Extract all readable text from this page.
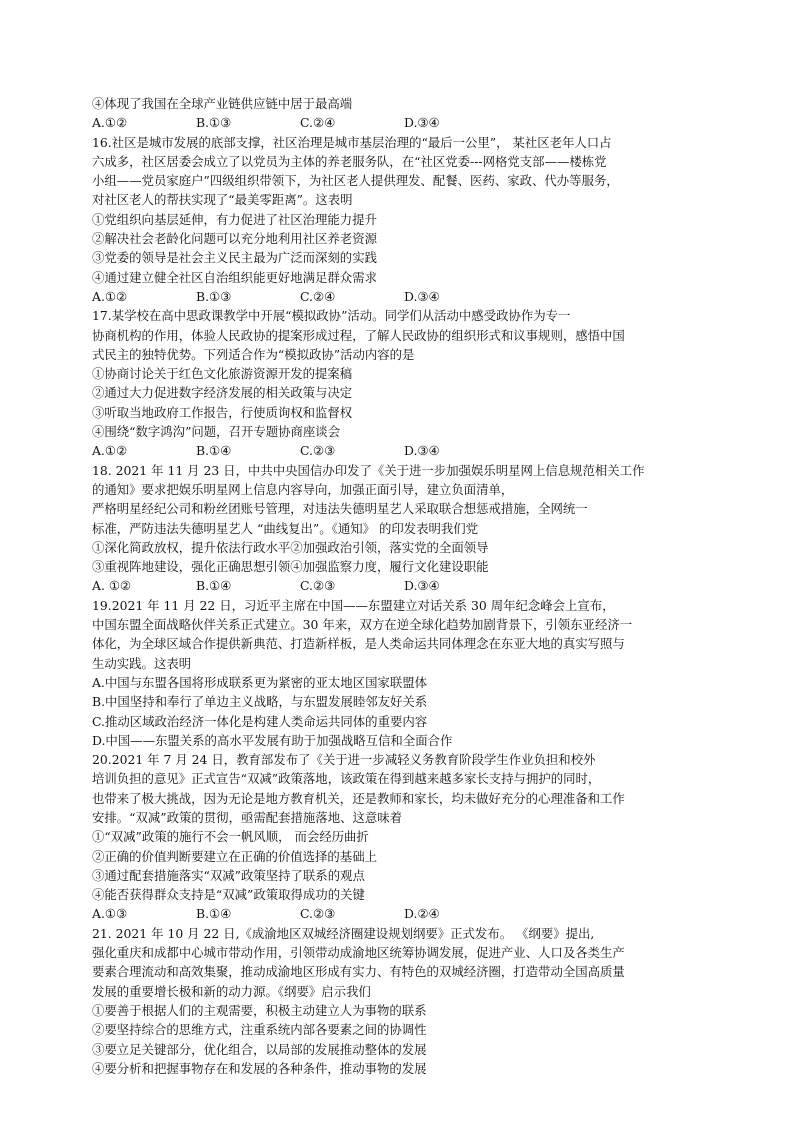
④体现了我国在全球产业链供应链中居于最高端
A.①②	B.①③	C.②④	D.③④
16.社区是城市发展的底部支撑，社区治理是城市基层治理的“最后一公里”， 某社区老年人口占
六成多，社区居委会成立了以党员为主体的养老服务队，在“社区党委---网格党支部——楼栋党
小组——党员家庭户”四级组织带领下，为社区老人提供理发、配餐、医药、家政、代办等服务，
对社区老人的帮扶实现了“最美零距离”。这表明
①党组织向基层延伸，有力促进了社区治理能力提升
②解决社会老龄化问题可以充分地利用社区养老资源
③党委的领导是社会主义民主最为广泛而深刻的实践
④通过建立健全社区自治组织能更好地满足群众需求
A.①②	B.①③	C.②④	D.③④
17.某学校在高中思政课教学中开展“模拟政协”活动。同学们从活动中感受政协作为专一
协商机构的作用，体验人民政协的提案形成过程，了解人民政协的组织形式和议事规则，感悟中国
式民主的独特优势。下列适合作为“模拟政协”活动内容的是
①协商讨论关于红色文化旅游资源开发的提案稿
②通过大力促进数字经济发展的相关政策与决定
③听取当地政府工作报告，行使质询权和监督权
④围绕“数字鸿沟”问题，召开专题协商座谈会
A.①②	B.①④	C.②③	D.③④
18. 2021 年 11 月 23 日，中共中央国信办印发了《关于进一步加强娱乐明星网上信息规范相关工作
的通知》要求把娱乐明星网上信息内容导向，加强正面引导，建立负面清单，
严格明星经纪公司和粉丝团账号管理，对违法失德明星艺人采取联合想惩戒措施，全网统一
标准，严防违法失德明星艺人 “曲线复出”。《通知》 的印发表明我们党
①深化简政放权，提升依法行政水平②加强政治引领，落实党的全面领导
③重视阵地建设，强化正确思想引领④加强监察力度，履行文化建设职能
A. ①②	B.①④	C.②③	D.③④
19.2021 年 11 月 22 日，习近平主席在中国——东盟建立对话关系 30 周年纪念峰会上宣布，
中国东盟全面战略伙伴关系正式建立。30 年来，双方在逆全球化趋势加剧背景下，引领东亚经济一
体化，为全球区域合作提供新典范、打造新样板，是人类命运共同体理念在东亚大地的真实写照与
生动实践。这表明
A.中国与东盟各国将形成联系更为紧密的亚太地区国家联盟体
B.中国坚持和奉行了单边主义战略，与东盟发展睦邻友好关系
C.推动区域政治经济一体化是构建人类命运共同体的重要内容
D.中国——东盟关系的高水平发展有助于加强战略互信和全面合作
20.2021 年 7 月 24 日，教育部发布了《关于进一步减轻义务教育阶段学生作业负担和校外
培训负担的意见》正式宣告“双减”政策落地，该政策在得到越来越多家长支持与拥护的同时，
也带来了极大挑战，因为无论是地方教育机关，还是教师和家长，均未做好充分的心理准备和工作
安排。“双减”政策的贯彻，亟需配套措施落地、这意味着
①“双减”政策的施行不会一帆风顺， 而会经历曲折
②正确的价值判断要建立在正确的价值选择的基础上
③通过配套措施落实“双减”政策坚持了联系的观点
④能否获得群众支持是“双减”政策取得成功的关键
A.①③	B.①④	C.②③	D.②④
21. 2021 年 10 月 22 日,《成渝地区双城经济圈建设规划纲要》正式发布。 《纲要》提出,
强化重庆和成都中心城市带动作用，引领带动成渝地区统筹协调发展，促进产业、人口及各类生产
要素合理流动和高效集聚，推动成渝地区形成有实力、有特色的双城经济圈，打造带动全国高质量
发展的重要增长极和新的动力源。《纲要》启示我们
①要善于根据人们的主观需要，积极主动建立人为事物的联系
②要坚持综合的思维方式，注重系统内部各要素之间的协调性
③要立足关键部分，优化组合，以局部的发展推动整体的发展
④要分析和把握事物存在和发展的各种条件，推动事物的发展
